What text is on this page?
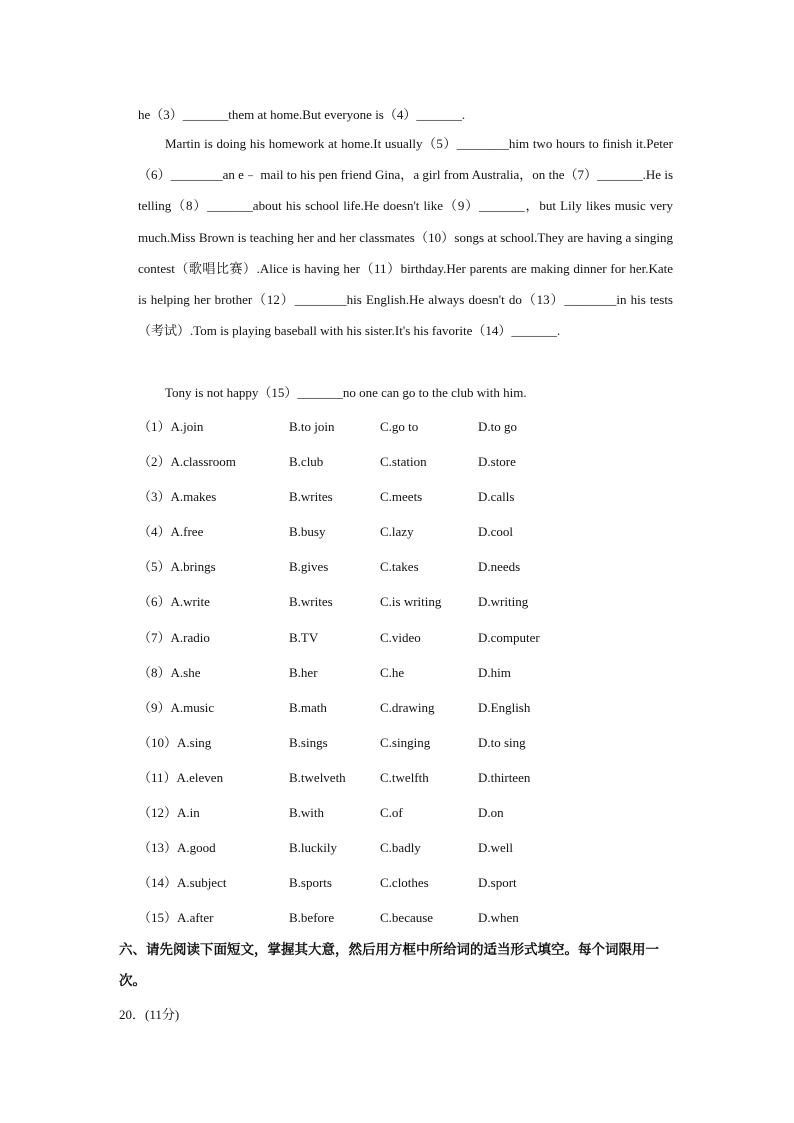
he（3）_______them at home.But everyone is（4）_______.

Martin is doing his homework at home.It usually（5）________him two hours to finish it.Peter（6）________an e﹣ mail to his pen friend Gina，a girl from Australia，on the（7）_______.He is telling（8）_______about his school life.He doesn't like（9）_______，but Lily likes music very much.Miss Brown is teaching her and her classmates（10）songs at school.They are having a singing contest（歌唱比赛）.Alice is having her（11）birthday.Her parents are making dinner for her.Kate is helping her brother（12）________his English.He always doesn't do（13）________in his tests（考试）.Tom is playing baseball with his sister.It's his favorite（14）_______.

Tony is not happy（15）_______no one can go to the club with him.

（1）A.join	B.to join	C.go to	D.to go
（2）A.classroom	B.club	C.station	D.store
（3）A.makes	B.writes	C.meets	D.calls
（4）A.free	B.busy	C.lazy	D.cool
（5）A.brings	B.gives	C.takes	D.needs
（6）A.write	B.writes	C.is writing	D.writing
（7）A.radio	B.TV	C.video	D.computer
（8）A.she	B.her	C.he	D.him
（9）A.music	B.math	C.drawing	D.English
（10）A.sing	B.sings	C.singing	D.to sing
（11）A.eleven	B.twelveth	C.twelfth	D.thirteen
（12）A.in	B.with	C.of	D.on
（13）A.good	B.luckily	C.badly	D.well
（14）A.subject	B.sports	C.clothes	D.sport
（15）A.after	B.before	C.because	D.when

六、请先阅读下面短文，掌握其大意，然后用方框中所给词的适当形式填空。每个词限用一次。

20．(11分)
